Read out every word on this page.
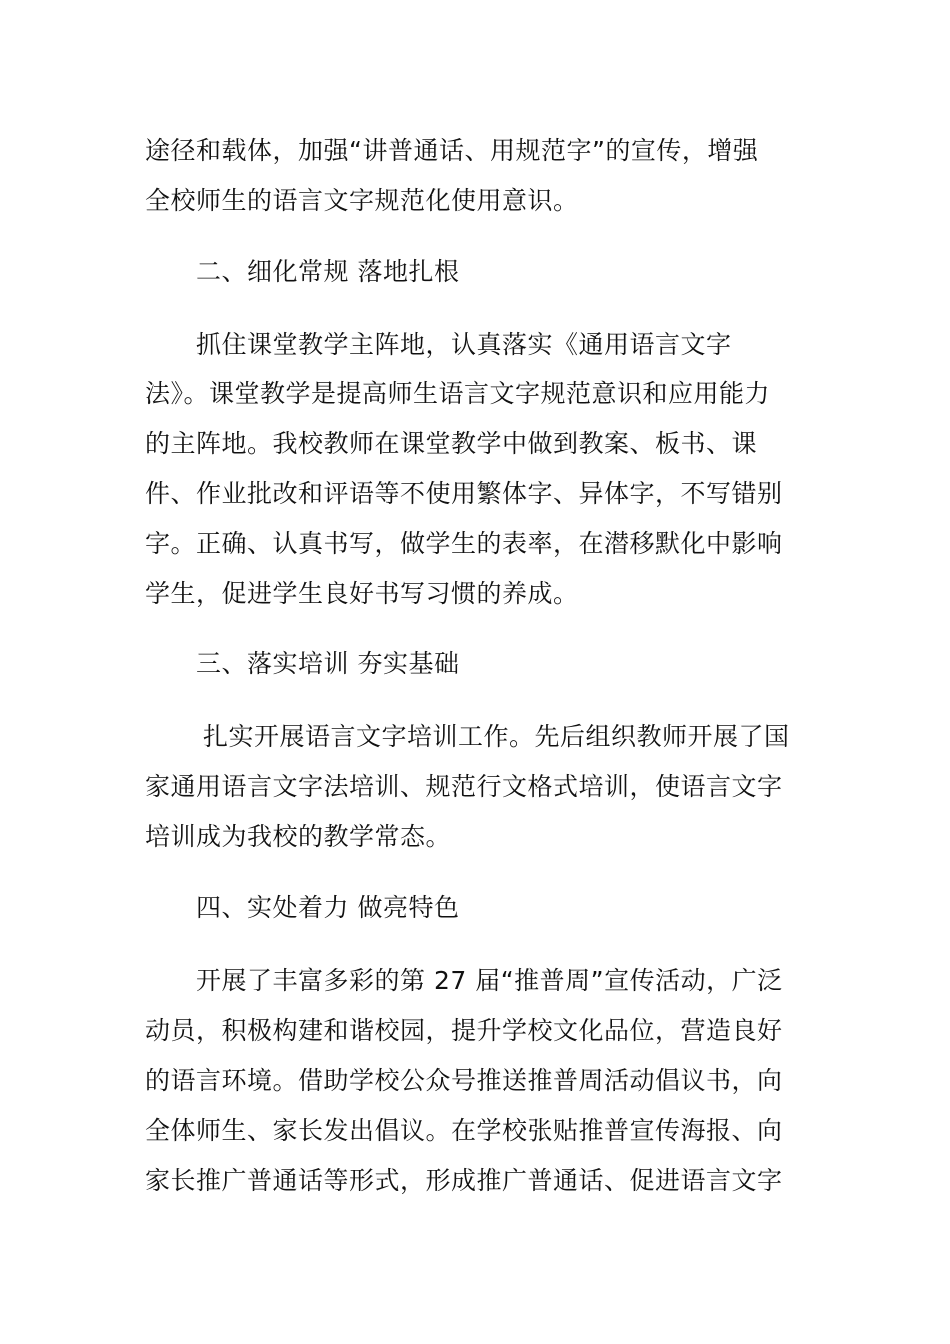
途径和载体，加强“讲普通话、用规范字”的宣传，增强
全校师生的语言文字规范化使用意识。
二、细化常规 落地扎根
抓住课堂教学主阵地，认真落实《通用语言文字
法》。课堂教学是提高师生语言文字规范意识和应用能力
的主阵地。我校教师在课堂教学中做到教案、板书、课
件、作业批改和评语等不使用繁体字、异体字，不写错别
字。正确、认真书写，做学生的表率，在潜移默化中影响
学生，促进学生良好书写习惯的养成。
三、落实培训 夯实基础
扎实开展语言文字培训工作。先后组织教师开展了国
家通用语言文字法培训、规范行文格式培训，使语言文字
培训成为我校的教学常态。
四、实处着力 做亮特色
开展了丰富多彩的第 27 届“推普周”宣传活动，广泛
动员，积极构建和谐校园，提升学校文化品位，营造良好
的语言环境。借助学校公众号推送推普周活动倡议书，向
全体师生、家长发出倡议。在学校张贴推普宣传海报、向
家长推广普通话等形式，形成推广普通话、促进语言文字
